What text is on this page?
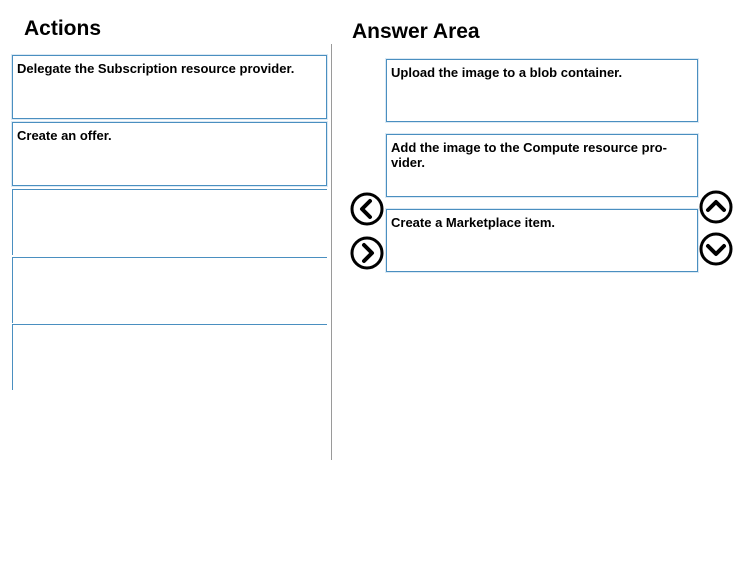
Actions	Answer Area
Delegate the Subscription resource provider.
Create an offer.
Upload the image to a blob container.
Add the image to the Compute resource pro-vider.
Create a Marketplace item.
